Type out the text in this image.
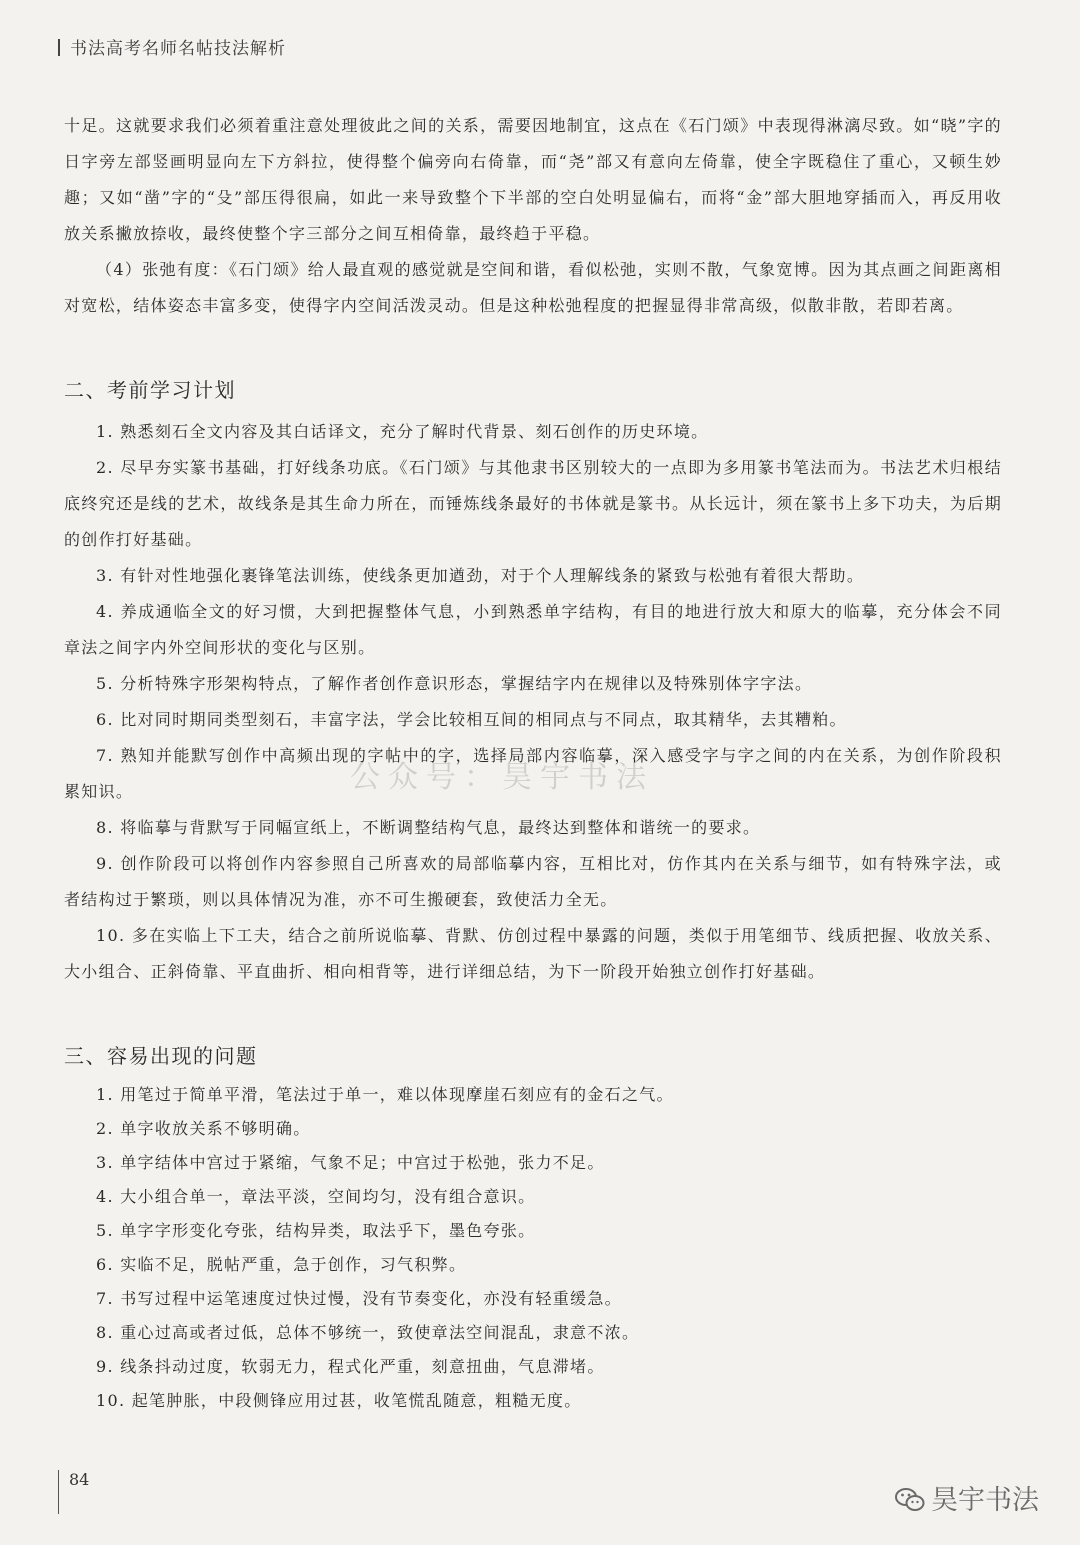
书法高考名师名帖技法解析

十足。这就要求我们必须着重注意处理彼此之间的关系，需要因地制宜，这点在《石门颂》中表现得淋漓尽致。如“晓”字的日字旁左部竖画明显向左下方斜拉，使得整个偏旁向右倚靠，而“尧”部又有意向左倚靠，使全字既稳住了重心，又顿生妙趣；又如“凿”字的“殳”部压得很扁，如此一来导致整个下半部的空白处明显偏右，而将“金”部大胆地穿插而入，再反用收放关系撇放捺收，最终使整个字三部分之间互相倚靠，最终趋于平稳。

（4）张弛有度：《石门颂》给人最直观的感觉就是空间和谐，看似松弛，实则不散，气象宽博。因为其点画之间距离相对宽松，结体姿态丰富多变，使得字内空间活泼灵动。但是这种松弛程度的把握显得非常高级，似散非散，若即若离。

二、考前学习计划

1. 熟悉刻石全文内容及其白话译文，充分了解时代背景、刻石创作的历史环境。

2. 尽早夯实篆书基础，打好线条功底。《石门颂》与其他隶书区别较大的一点即为多用篆书笔法而为。书法艺术归根结底终究还是线的艺术，故线条是其生命力所在，而锤炼线条最好的书体就是篆书。从长远计，须在篆书上多下功夫，为后期的创作打好基础。

3. 有针对性地强化裹锋笔法训练，使线条更加遒劲，对于个人理解线条的紧致与松弛有着很大帮助。

4. 养成通临全文的好习惯，大到把握整体气息，小到熟悉单字结构，有目的地进行放大和原大的临摹，充分体会不同章法之间字内外空间形状的变化与区别。

5. 分析特殊字形架构特点，了解作者创作意识形态，掌握结字内在规律以及特殊别体字字法。

6. 比对同时期同类型刻石，丰富字法，学会比较相互间的相同点与不同点，取其精华，去其糟粕。

7. 熟知并能默写创作中高频出现的字帖中的字，选择局部内容临摹，深入感受字与字之间的内在关系，为创作阶段积累知识。

8. 将临摹与背默写于同幅宣纸上，不断调整结构气息，最终达到整体和谐统一的要求。

9. 创作阶段可以将创作内容参照自己所喜欢的局部临摹内容，互相比对，仿作其内在关系与细节，如有特殊字法，或者结构过于繁琐，则以具体情况为准，亦不可生搬硬套，致使活力全无。

10. 多在实临上下工夫，结合之前所说临摹、背默、仿创过程中暴露的问题，类似于用笔细节、线质把握、收放关系、大小组合、正斜倚靠、平直曲折、相向相背等，进行详细总结，为下一阶段开始独立创作打好基础。

三、容易出现的问题

1. 用笔过于简单平滑，笔法过于单一，难以体现摩崖石刻应有的金石之气。

2. 单字收放关系不够明确。

3. 单字结体中宫过于紧缩，气象不足；中宫过于松弛，张力不足。

4. 大小组合单一，章法平淡，空间均匀，没有组合意识。

5. 单字字形变化夸张，结构异类，取法乎下，墨色夸张。

6. 实临不足，脱帖严重，急于创作，习气积弊。

7. 书写过程中运笔速度过快过慢，没有节奏变化，亦没有轻重缓急。

8. 重心过高或者过低，总体不够统一，致使章法空间混乱，隶意不浓。

9. 线条抖动过度，软弱无力，程式化严重，刻意扭曲，气息滞堵。

10. 起笔肿胀，中段侧锋应用过甚，收笔慌乱随意，粗糙无度。

公众号：昊宇书法
84
昊宇书法
